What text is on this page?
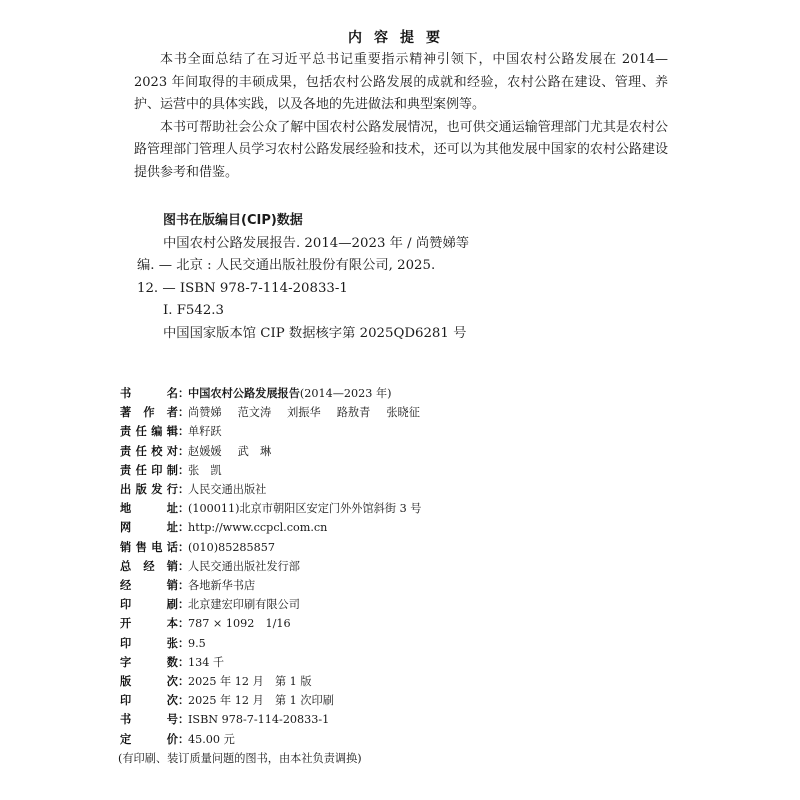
内容提要

本书全面总结了在习近平总书记重要指示精神引领下，中国农村公路发展在 2014—2023 年间取得的丰硕成果，包括农村公路发展的成就和经验，农村公路在建设、管理、养护、运营中的具体实践，以及各地的先进做法和典型案例等。

本书可帮助社会公众了解中国农村公路发展情况，也可供交通运输管理部门尤其是农村公路管理部门管理人员学习农村公路发展经验和技术，还可以为其他发展中国家的农村公路建设提供参考和借鉴。

图书在版编目(CIP)数据
中国农村公路发展报告. 2014—2023 年 / 尚赞娣等
编. — 北京 : 人民交通出版社股份有限公司, 2025.
12. — ISBN 978-7-114-20833-1
Ⅰ. F542.3
中国国家版本馆 CIP 数据核字第 2025QD6281 号
书	名 ：
中国农村公路发展报告(2014—2023 年)
著 作 者 ：
尚赞娣 范文涛 刘振华 路敖青 张晓征
责 任 编 辑 ：
单籽跃
责 任 校 对 ：
赵媛媛 武　琳
责 任 印 制 ：
张　凯
出 版 发 行 ：
人民交通出版社
地	址 ：
(100011)北京市朝阳区安定门外外馆斜街 3 号
网	址 ：
http://www.ccpcl.com.cn
销 售 电 话 ：
(010)85285857
总 经 销 ：
人民交通出版社发行部
经	销 ：
各地新华书店
印	刷 ：
北京建宏印刷有限公司
开	本 ：
787 × 1092　1/16
印	张 ：
9.5
字	数 ：
134 千
版	次 ：
2025 年 12 月　第 1 版
印	次 ：
2025 年 12 月　第 1 次印刷
书	号 ：
ISBN 978-7-114-20833-1
定	价 ：
45.00 元
(有印刷、装订质量问题的图书，由本社负责调换)
